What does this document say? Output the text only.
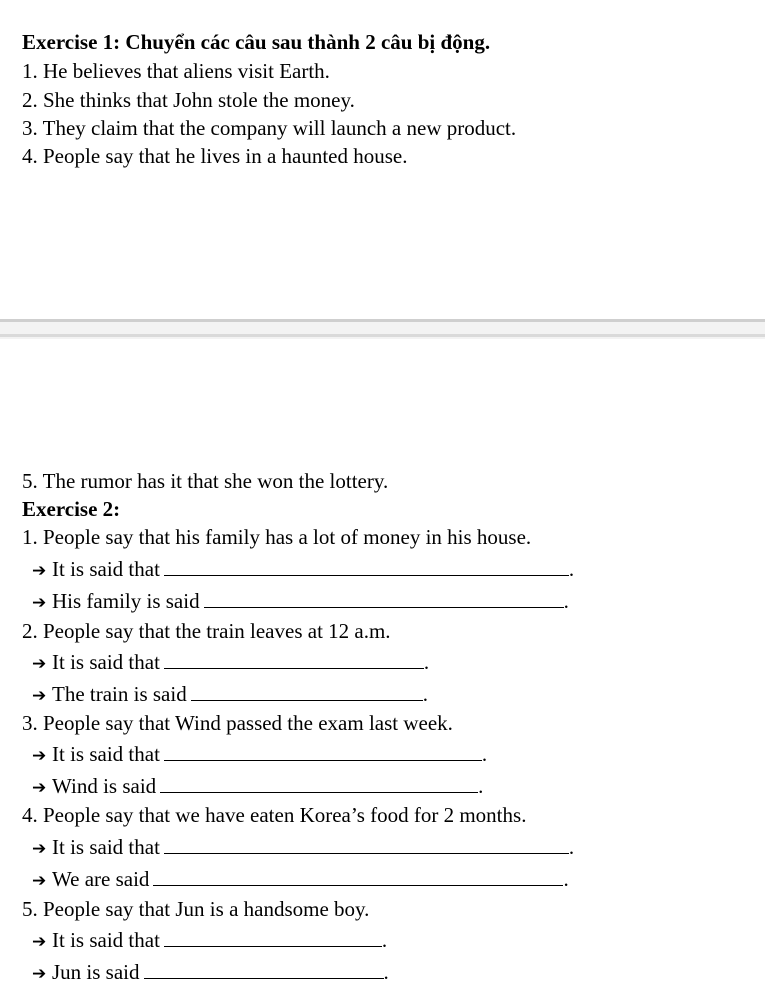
Exercise 1: Chuyển các câu sau thành 2 câu bị động.
1. He believes that aliens visit Earth.
2. She thinks that John stole the money.
3. They claim that the company will launch a new product.
4. People say that he lives in a haunted house.
5. The rumor has it that she won the lottery.
Exercise 2:
1. People say that his family has a lot of money in his house.
➔ It is said that	.
➔ His family is said	.
2. People say that the train leaves at 12 a.m.
➔ It is said that	.
➔ The train is said	.
3. People say that Wind passed the exam last week.
➔ It is said that	.
➔ Wind is said	.
4. People say that we have eaten Korea’s food for 2 months.
➔ It is said that	.
➔ We are said	.
5. People say that Jun is a handsome boy.
➔ It is said that	.
➔ Jun is said	.
